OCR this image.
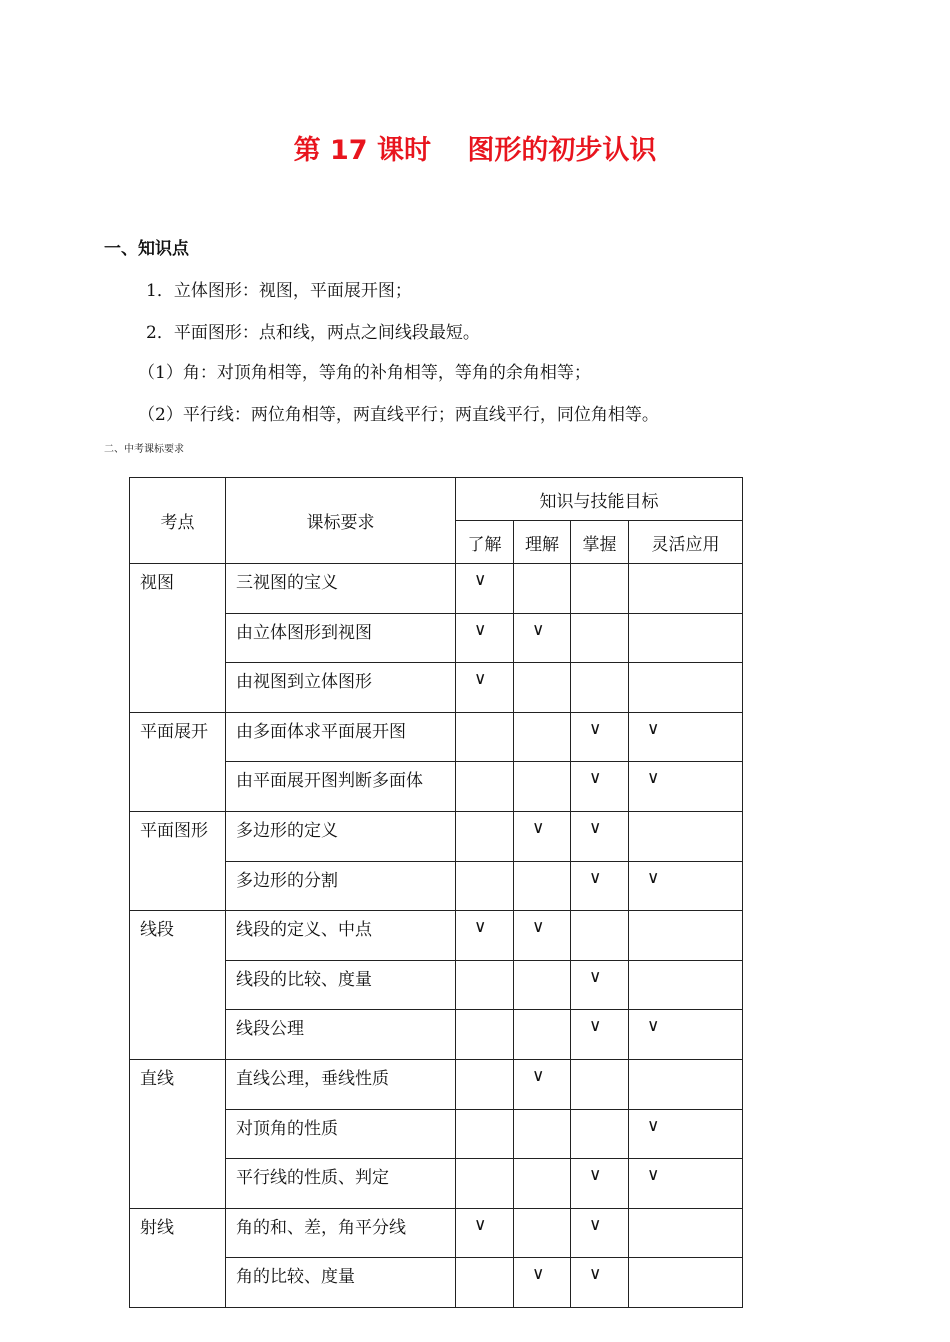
第 17 课时　 图形的初步认识
一、知识点
1．立体图形：视图，平面展开图；
2．平面图形：点和线，两点之间线段最短。
（1）角：对顶角相等，等角的补角相等，等角的余角相等；
（2）平行线：两位角相等，两直线平行；两直线平行，同位角相等。
二、中考课标要求
考点	课标要求	知识与技能目标			
		了解	理解	掌握	灵活应用
视图	三视图的宝义	∨			
	由立体图形到视图	∨	∨		
	由视图到立体图形	∨			
平面展开	由多面体求平面展开图			∨	∨
	由平面展开图判断多面体			∨	∨
平面图形	多边形的定义		∨	∨	
	多边形的分割			∨	∨
线段	线段的定义、中点	∨	∨		
	线段的比较、度量			∨	
	线段公理			∨	∨
直线	直线公理，垂线性质		∨		
	对顶角的性质				∨
	平行线的性质、判定			∨	∨
射线	角的和、差，角平分线	∨		∨	
	角的比较、度量		∨	∨	
